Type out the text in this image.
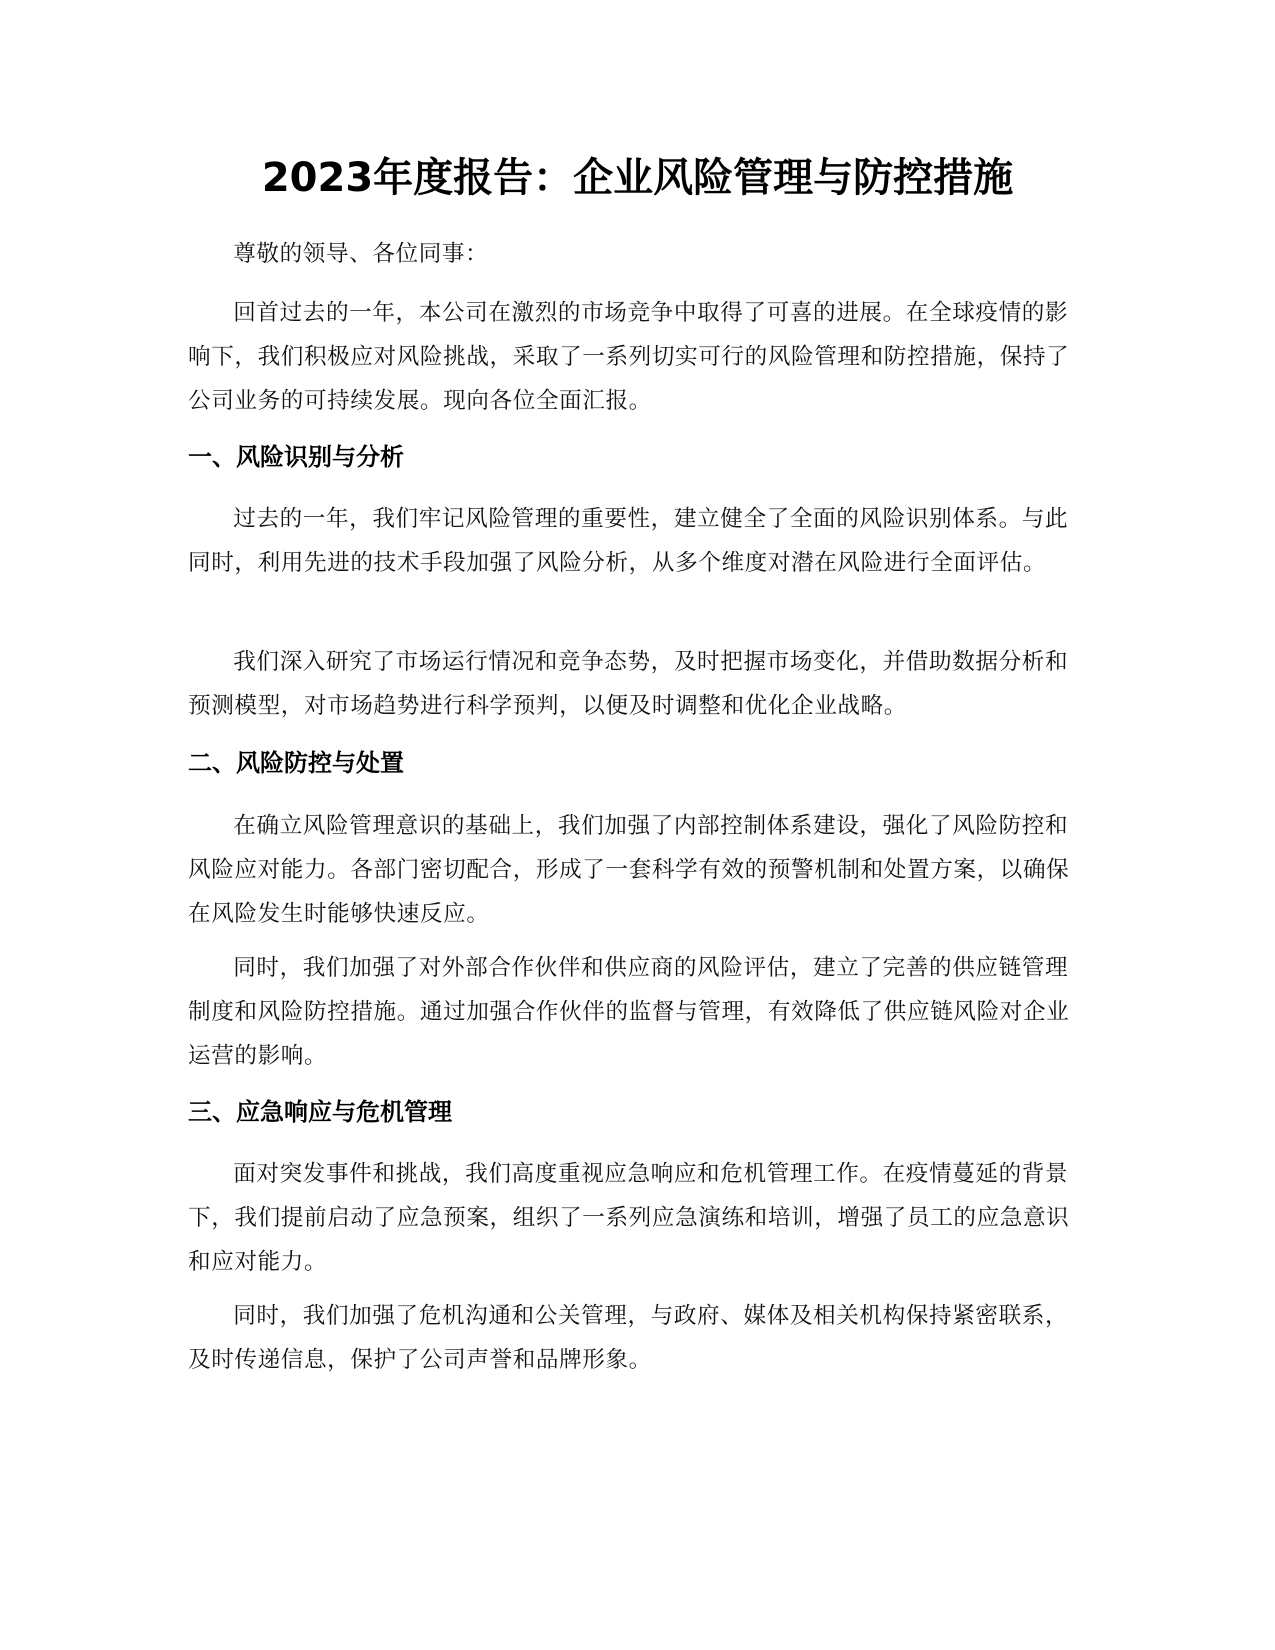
2023年度报告：企业风险管理与防控措施

尊敬的领导、各位同事：

回首过去的一年，本公司在激烈的市场竞争中取得了可喜的进展。在全球疫情的影响下，我们积极应对风险挑战，采取了一系列切实可行的风险管理和防控措施，保持了公司业务的可持续发展。现向各位全面汇报。

一、风险识别与分析

过去的一年，我们牢记风险管理的重要性，建立健全了全面的风险识别体系。与此同时，利用先进的技术手段加强了风险分析，从多个维度对潜在风险进行全面评估。

我们深入研究了市场运行情况和竞争态势，及时把握市场变化，并借助数据分析和预测模型，对市场趋势进行科学预判，以便及时调整和优化企业战略。

二、风险防控与处置

在确立风险管理意识的基础上，我们加强了内部控制体系建设，强化了风险防控和风险应对能力。各部门密切配合，形成了一套科学有效的预警机制和处置方案，以确保在风险发生时能够快速反应。

同时，我们加强了对外部合作伙伴和供应商的风险评估，建立了完善的供应链管理制度和风险防控措施。通过加强合作伙伴的监督与管理，有效降低了供应链风险对企业运营的影响。

三、应急响应与危机管理

面对突发事件和挑战，我们高度重视应急响应和危机管理工作。在疫情蔓延的背景下，我们提前启动了应急预案，组织了一系列应急演练和培训，增强了员工的应急意识和应对能力。

同时，我们加强了危机沟通和公关管理，与政府、媒体及相关机构保持紧密联系，及时传递信息，保护了公司声誉和品牌形象。
